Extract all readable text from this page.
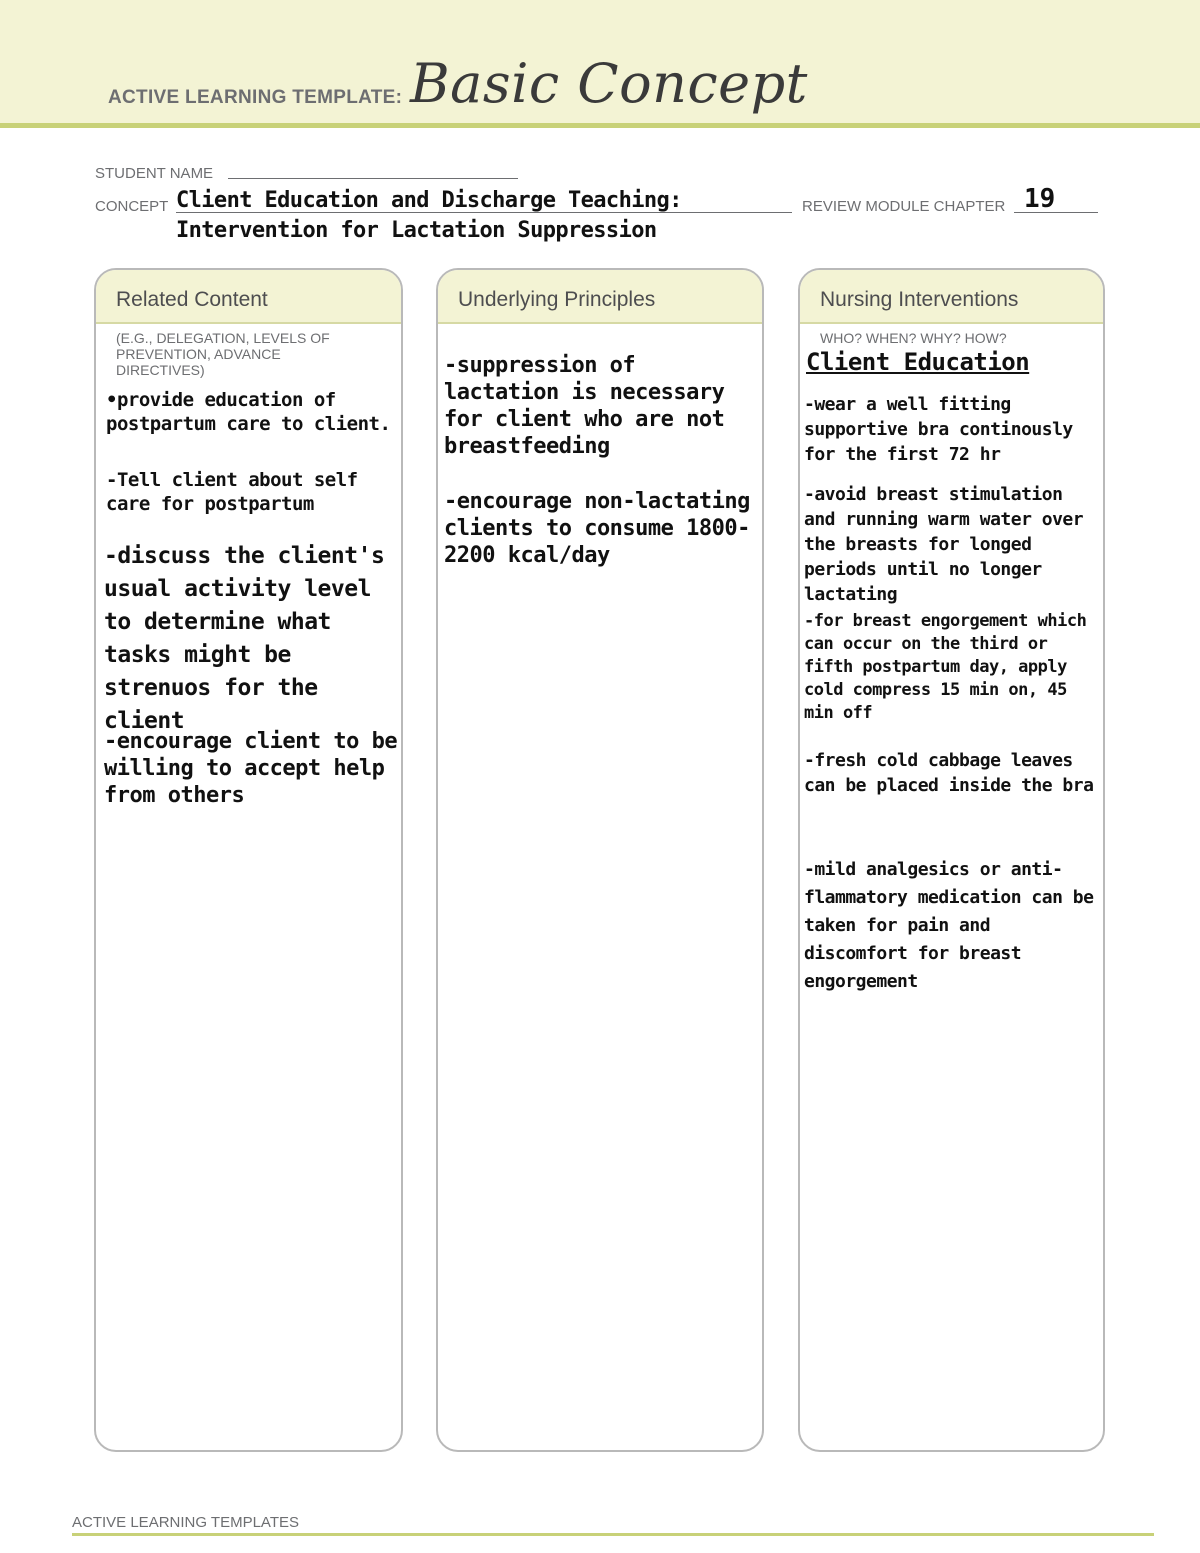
ACTIVE LEARNING TEMPLATE: Basic Concept
STUDENT NAME
CONCEPT Client Education and Discharge Teaching: Intervention for Lactation Suppression
REVIEW MODULE CHAPTER 19
Related Content
(E.G., DELEGATION, LEVELS OF PREVENTION, ADVANCE DIRECTIVES)
•provide education of postpartum care to client.
-Tell client about self care for postpartum
-discuss the client's usual activity level to determine what tasks might be strenuos for the client
-encourage client to be willing to accept help from others
Underlying Principles
-suppression of lactation is necessary for client who are not breastfeeding
-encourage non-lactating clients to consume 1800-2200 kcal/day
Nursing Interventions
WHO? WHEN? WHY? HOW?
Client Education
-wear a well fitting supportive bra continously for the first 72 hr
-avoid breast stimulation and running warm water over the breasts for longed periods until no longer lactating
-for breast engorgement which can occur on the third or fifth postpartum day, apply cold compress 15 min on, 45 min off
-fresh cold cabbage leaves can be placed inside the bra
-mild analgesics or anti-flammatory medication can be taken for pain and discomfort for breast engorgement
ACTIVE LEARNING TEMPLATES
